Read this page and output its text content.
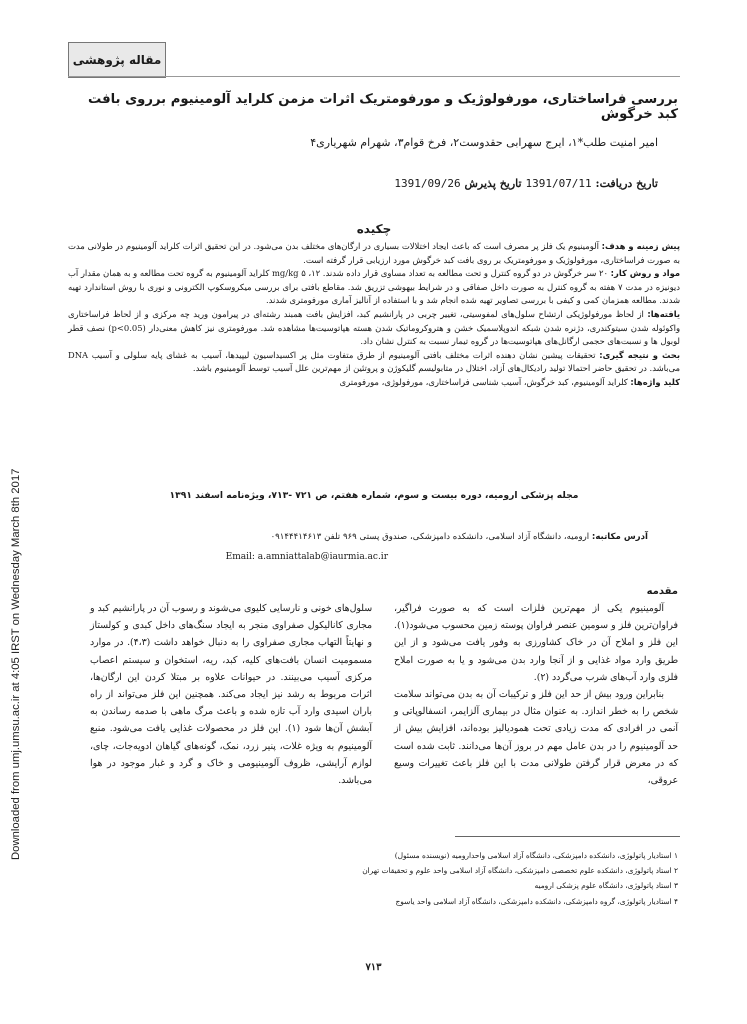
Downloaded from umj.umsu.ac.ir at 4:05 IRST on Wednesday March 8th 2017
مقاله پژوهشی
بررسی فراساختاری، مورفولوژیک و مورفومتریک اثرات مزمن کلراید آلومینیوم برروی بافت کبد خرگوش
امیر امنیت طلب*۱، ایرج سهرابی حقدوست۲، فرخ قوام۳، شهرام شهریاری۴
تاریخ دریافت: 1391/07/11 تاریخ پذیرش 1391/09/26
چکیده

پیش زمینه و هدف: آلومینیوم یک فلز پر مصرف است که باعث ایجاد اختلالات بسیاری در ارگان‌های مختلف بدن می‌شود. در این تحقیق اثرات کلراید آلومینیوم در طولانی مدت به صورت فراساختاری، مورفولوژیک و مورفومتریک بر روی بافت کبد خرگوش مورد ارزیابی قرار گرفته است.

مواد و روش کار: ۲۰ سر خرگوش در دو گروه کنترل و تحت مطالعه به تعداد مساوی قرار داده شدند. ۱۲، ۵ mg/kg کلراید آلومینیوم به گروه تحت مطالعه و به همان مقدار آب دیونیزه در مدت ۷ هفته به گروه کنترل به صورت داخل صفاقی و در شرایط بیهوشی تزریق شد. مقاطع بافتی برای بررسی میکروسکوپ الکترونی و نوری با روش استاندارد تهیه شدند. مطالعه همزمان کمی و کیفی با بررسی تصاویر تهیه شده انجام شد و با استفاده از آنالیز آماری مورفومتری شدند.

یافته‌ها: از لحاظ مورفولوژیکی ارتشاح سلول‌های لمفوسیتی، تغییر چربی در پارانشیم کبد، افزایش بافت همبند رشته‌ای در پیرامون ورید چه مرکزی و از لحاظ فراساختاری واکوئوله شدن سیتوکندری، دژنره شدن شبکه اندوپلاسمیک خشن و هتروکروماتیک شدن هسته هپاتوسیت‌ها مشاهده شد. مورفومتری نیز کاهش معنی‌دار (p<0.05) نصف قطر لوبول ها و نسبت‌های حجمی ارگانل‌های هپاتوسیت‌ها در گروه تیمار نسبت به کنترل نشان داد.

بحث و نتیجه گیری: تحقیقات پیشین نشان دهنده اثرات مختلف بافتی آلومینیوم از طرق متفاوت مثل پر اکسیداسیون لیپیدها، آسیب به غشای پایه سلولی و آسیب DNA می‌باشد. در تحقیق حاضر احتمالا تولید رادیکال‌های آزاد، اختلال در متابولیسم گلیکوژن و پروتئین از مهم‌ترین علل آسیب توسط آلومینیوم باشد.

کلید واژه‌ها: کلراید آلومینیوم، کبد خرگوش، آسیب شناسی فراساختاری، مورفولوژی، مورفومتری

مجله پزشکی ارومیه، دوره بیست و سوم، شماره هفتم، ص ۷۲۱ -۷۱۳، ویژه‌نامه اسفند ۱۳۹۱
آدرس مکاتبه: ارومیه، دانشگاه آزاد اسلامی، دانشکده دامپزشکی، صندوق پستی ۹۶۹ تلفن ۰۹۱۴۴۴۱۴۶۱۳
Email: a.amniattalab@iaurmia.ac.ir
مقدمه

آلومینیوم یکی از مهم‌ترین فلزات است که به صورت فراگیر، فراوان‌ترین فلز و سومین عنصر فراوان پوسته زمین محسوب می‌شود(۱). این فلز و املاح آن در خاک کشاورزی به وفور یافت می‌شود و از این طریق وارد مواد غذایی و از آنجا وارد بدن می‌شود و یا به صورت املاح فلزی وارد آب‌های شرب می‌گردد (۲).

بنابراین ورود بیش از حد این فلز و ترکیبات آن به بدن می‌تواند سلامت شخص را به خطر اندازد. به عنوان مثال در بیماری آلزایمر، انسفالوپاتی و آنمی در افرادی که مدت زیادی تحت همودیالیز بوده‌اند، افزایش بیش از حد آلومینیوم را در بدن عامل مهم در بروز آن‌ها می‌دانند. ثابت شده است که در معرض قرار گرفتن طولانی مدت با این فلز باعث تغییرات وسیع عروقی،

سلول‌های خونی و نارسایی کلیوی می‌شوند و رسوب آن در پارانشیم کبد و مجاری کانالیکول صفراوی منجر به ایجاد سنگ‌های داخل کبدی و کولستاز و نهایتاً التهاب مجاری صفراوی را به دنبال خواهد داشت (۴،۳). در موارد مسمومیت انسان بافت‌های کلیه، کبد، ریه، استخوان و سیستم اعصاب مرکزی آسیب می‌بینند. در حیوانات علاوه بر مبتلا کردن این ارگان‌ها، اثرات مربوط به رشد نیز ایجاد می‌کند. همچنین این فلز می‌تواند از راه باران اسیدی وارد آب تازه شده و باعث مرگ ماهی با صدمه رساندن به آبشش آن‌ها شود (۱). این فلز در محصولات غذایی یافت می‌شود. منبع آلومینیوم به ویژه غلات، پنیر زرد، نمک، گونه‌های گیاهان ادویه‌جات، چای، لوازم آرایشی، ظروف آلومینیومی و خاک و گرد و غبار موجود در هوا می‌باشد.

۱ استادیار پاتولوژی، دانشکده دامپزشکی، دانشگاه آزاد اسلامی واحدارومیه (نویسنده مسئول)
۲ استاد پاتولوژی، دانشکده علوم تخصصی دامپزشکی، دانشگاه آزاد اسلامی واحد علوم و تحقیقات تهران
۳ استاد پاتولوژی، دانشگاه علوم پزشکی ارومیه
۴ استادیار پاتولوژی، گروه دامپزشکی، دانشکده دامپزشکی، دانشگاه آزاد اسلامی واحد یاسوج
۷۱۳
